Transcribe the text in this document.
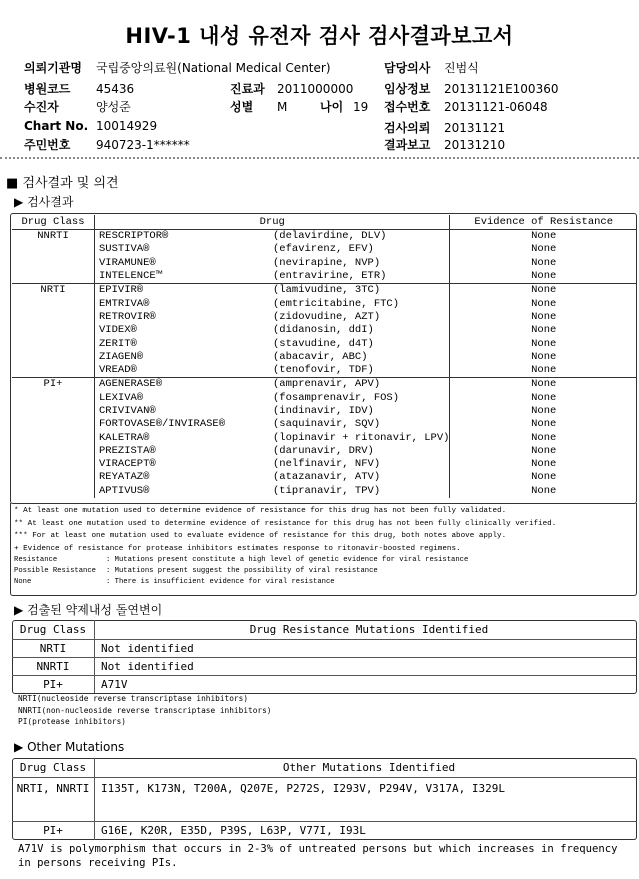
HIV-1 내성 유전자 검사 검사결과보고서
의뢰기관명 국립중앙의료원(National Medical Center)
병원코드 45436
수진자	양성준
Chart No. 10014929
주민번호 940723-1******
진료과 2011000000
성별 M	나이 19
담당의사 진범식
임상정보 20131121E100360
접수번호 20131121-06048
검사의뢰 20131121
결과보고 20131210
■ 검사결과 및 의견
▶ 검사결과
Drug Class	Drug		Evidence of Resistance
NNRTI	RESCRIPTOR®	(delavirdine, DLV)	None
	SUSTIVA®	(efavirenz, EFV)	None
	VIRAMUNE®	(nevirapine, NVP)	None
	INTELENCE™	(entravirine, ETR)	None
NRTI	EPIVIR®	(lamivudine, 3TC)	None
	EMTRIVA®	(emtricitabine, FTC)	None
	RETROVIR®	(zidovudine, AZT)	None
	VIDEX®	(didanosin, ddI)	None
	ZERIT®	(stavudine, d4T)	None
	ZIAGEN®	(abacavir, ABC)	None
	VREAD®	(tenofovir, TDF)	None
PI+	AGENERASE®	(amprenavir, APV)	None
	LEXIVA®	(fosamprenavir, FOS)	None
	CRIVIVAN®	(indinavir, IDV)	None
	FORTOVASE®/INVIRASE®	(saquinavir, SQV)	None
	KALETRA®	(lopinavir + ritonavir, LPV)	None
	PREZISTA®	(darunavir, DRV)	None
	VIRACEPT®	(nelfinavir, NFV)	None
	REYATAZ®	(atazanavir, ATV)	None
	APTIVUS®	(tipranavir, TPV)	None
* At least one mutation used to determine evidence of resistance for this drug has not been fully validated.
** At least one mutation used to determine evidence of resistance for this drug has not been fully clinically verified.
*** For at least one mutation used to evaluate evidence of resistance for this drug, both notes above apply.
+ Evidence of resistance for protease inhibitors estimates response to ritonavir-boosted regimens.
Resistance	: Mutations present constitute a high level of genetic evidence for viral resistance
Possible Resistance : Mutations present suggest the possibility of viral resistance
None	: There is insufficient evidence for viral resistance
▶ 검출된 약제내성 돌연변이
Drug Class	Drug Resistance Mutations Identified
NRTI	Not identified
NNRTI	Not identified
PI+	A71V
NRTI(nucleoside reverse transcriptase inhibitors)
NNRTI(non-nucleoside reverse transcriptase inhibitors)
PI(protease inhibitors)
▶ Other Mutations
Drug Class	Other Mutations Identified
NRTI, NNRTI	I135T, K173N, T200A, Q207E, P272S, I293V, P294V, V317A, I329L
PI+	G16E, K20R, E35D, P39S, L63P, V77I, I93L
A71V is polymorphism that occurs in 2-3% of untreated persons but which increases in frequency in persons receiving PIs.
